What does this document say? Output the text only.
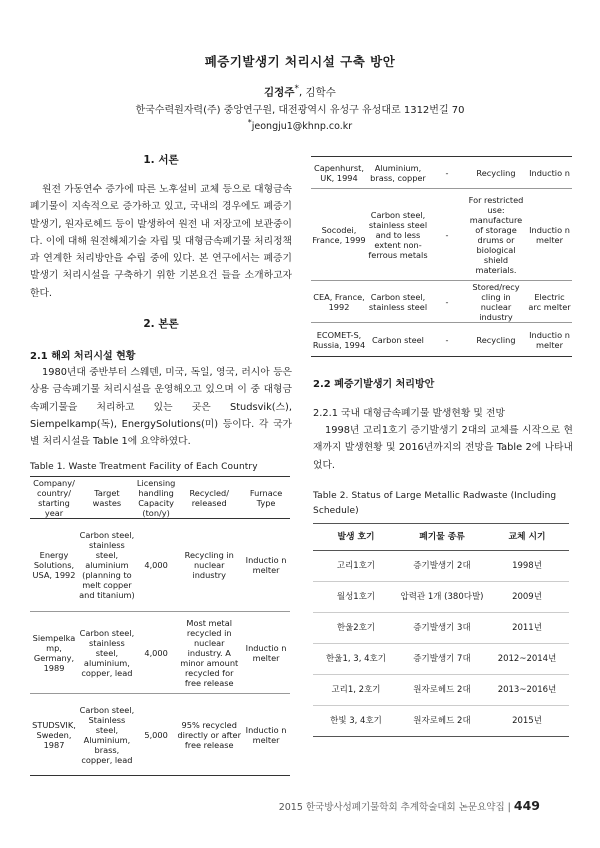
폐증기발생기 처리시설 구축 방안
김정주*, 김학수
한국수력원자력(주) 중앙연구원, 대전광역시 유성구 유성대로 1312번길 70
*jeongju1@khnp.co.kr
1. 서론
원전 가동연수 증가에 따른 노후설비 교체 등으로 대형금속폐기물이 지속적으로 증가하고 있고, 국내의 경우에도 폐증기발생기, 원자로헤드 등이 발생하여 원전 내 저장고에 보관중이다. 이에 대해 원전해체기술 자립 및 대형금속폐기물 처리정책과 연계한 처리방안을 수립 중에 있다. 본 연구에서는 폐증기발생기 처리시설을 구축하기 위한 기본요건 들을 소개하고자 한다.
2. 본론
2.1 해외 처리시설 현황
1980년대 중반부터 스웨덴, 미국, 독일, 영국, 러시아 등은 상용 금속폐기물 처리시설을 운영해오고 있으며 이 중 대형금속폐기물을 처리하고 있는 곳은 Studsvik(스), Siempelkamp(독), EnergySolutions(미) 등이다. 각 국가별 처리시설을 Table 1에 요약하였다.
Table 1. Waste Treatment Facility of Each Country
Company/ country/ starting year	Target wastes	Licensing handling Capacity (ton/y)	Recycled/ released	Furnace Type
Energy Solutions, USA, 1992	Carbon steel, stainless steel, aluminium (planning to melt copper and titanium)	4,000	Recycling in nuclear industry	Inductio n melter
Siempelka mp, Germany, 1989	Carbon steel, stainless steel, aluminium, copper, lead	4,000	Most metal recycled in nuclear industry. A minor amount recycled for free release	Inductio n melter
STUDSVIK, Sweden, 1987	Carbon steel, Stainless steel, Aluminium, brass, copper, lead	5,000	95% recycled directly or after free release	Inductio n melter
Capenhurst, UK, 1994	Aluminium, brass, copper	-	Recycling	Inductio n
Socodei, France, 1999	Carbon steel, stainless steel and to less extent non-ferrous metals	-	For restricted use: manufacture of storage drums or biological shield materials.	Inductio n melter
CEA, France, 1992	Carbon steel, stainless steel	-	Stored/recy cling in nuclear industry	Electric arc melter
ECOMET-S, Russia, 1994	Carbon steel	-	Recycling	Inductio n melter
2.2 폐증기발생기 처리방안
2.2.1 국내 대형금속폐기물 발생현황 및 전망
1998년 고리1호기 증기발생기 2대의 교체를 시작으로 현재까지 발생현황 및 2016년까지의 전망을 Table 2에 나타내었다.
Table 2. Status of Large Metallic Radwaste (Including Schedule)
발생 호기	폐기물 종류	교체 시기
고리1호기	증기발생기 2대	1998년
월성1호기	압력관 1개 (380다발)	2009년
한울2호기	증기발생기 3대	2011년
한울1, 3, 4호기	증기발생기 7대	2012~2014년
고리1, 2호기	원자로헤드 2대	2013~2016년
한빛 3, 4호기	원자로헤드 2대	2015년
2015 한국방사성폐기물학회 추계학술대회 논문요약집 | 449
